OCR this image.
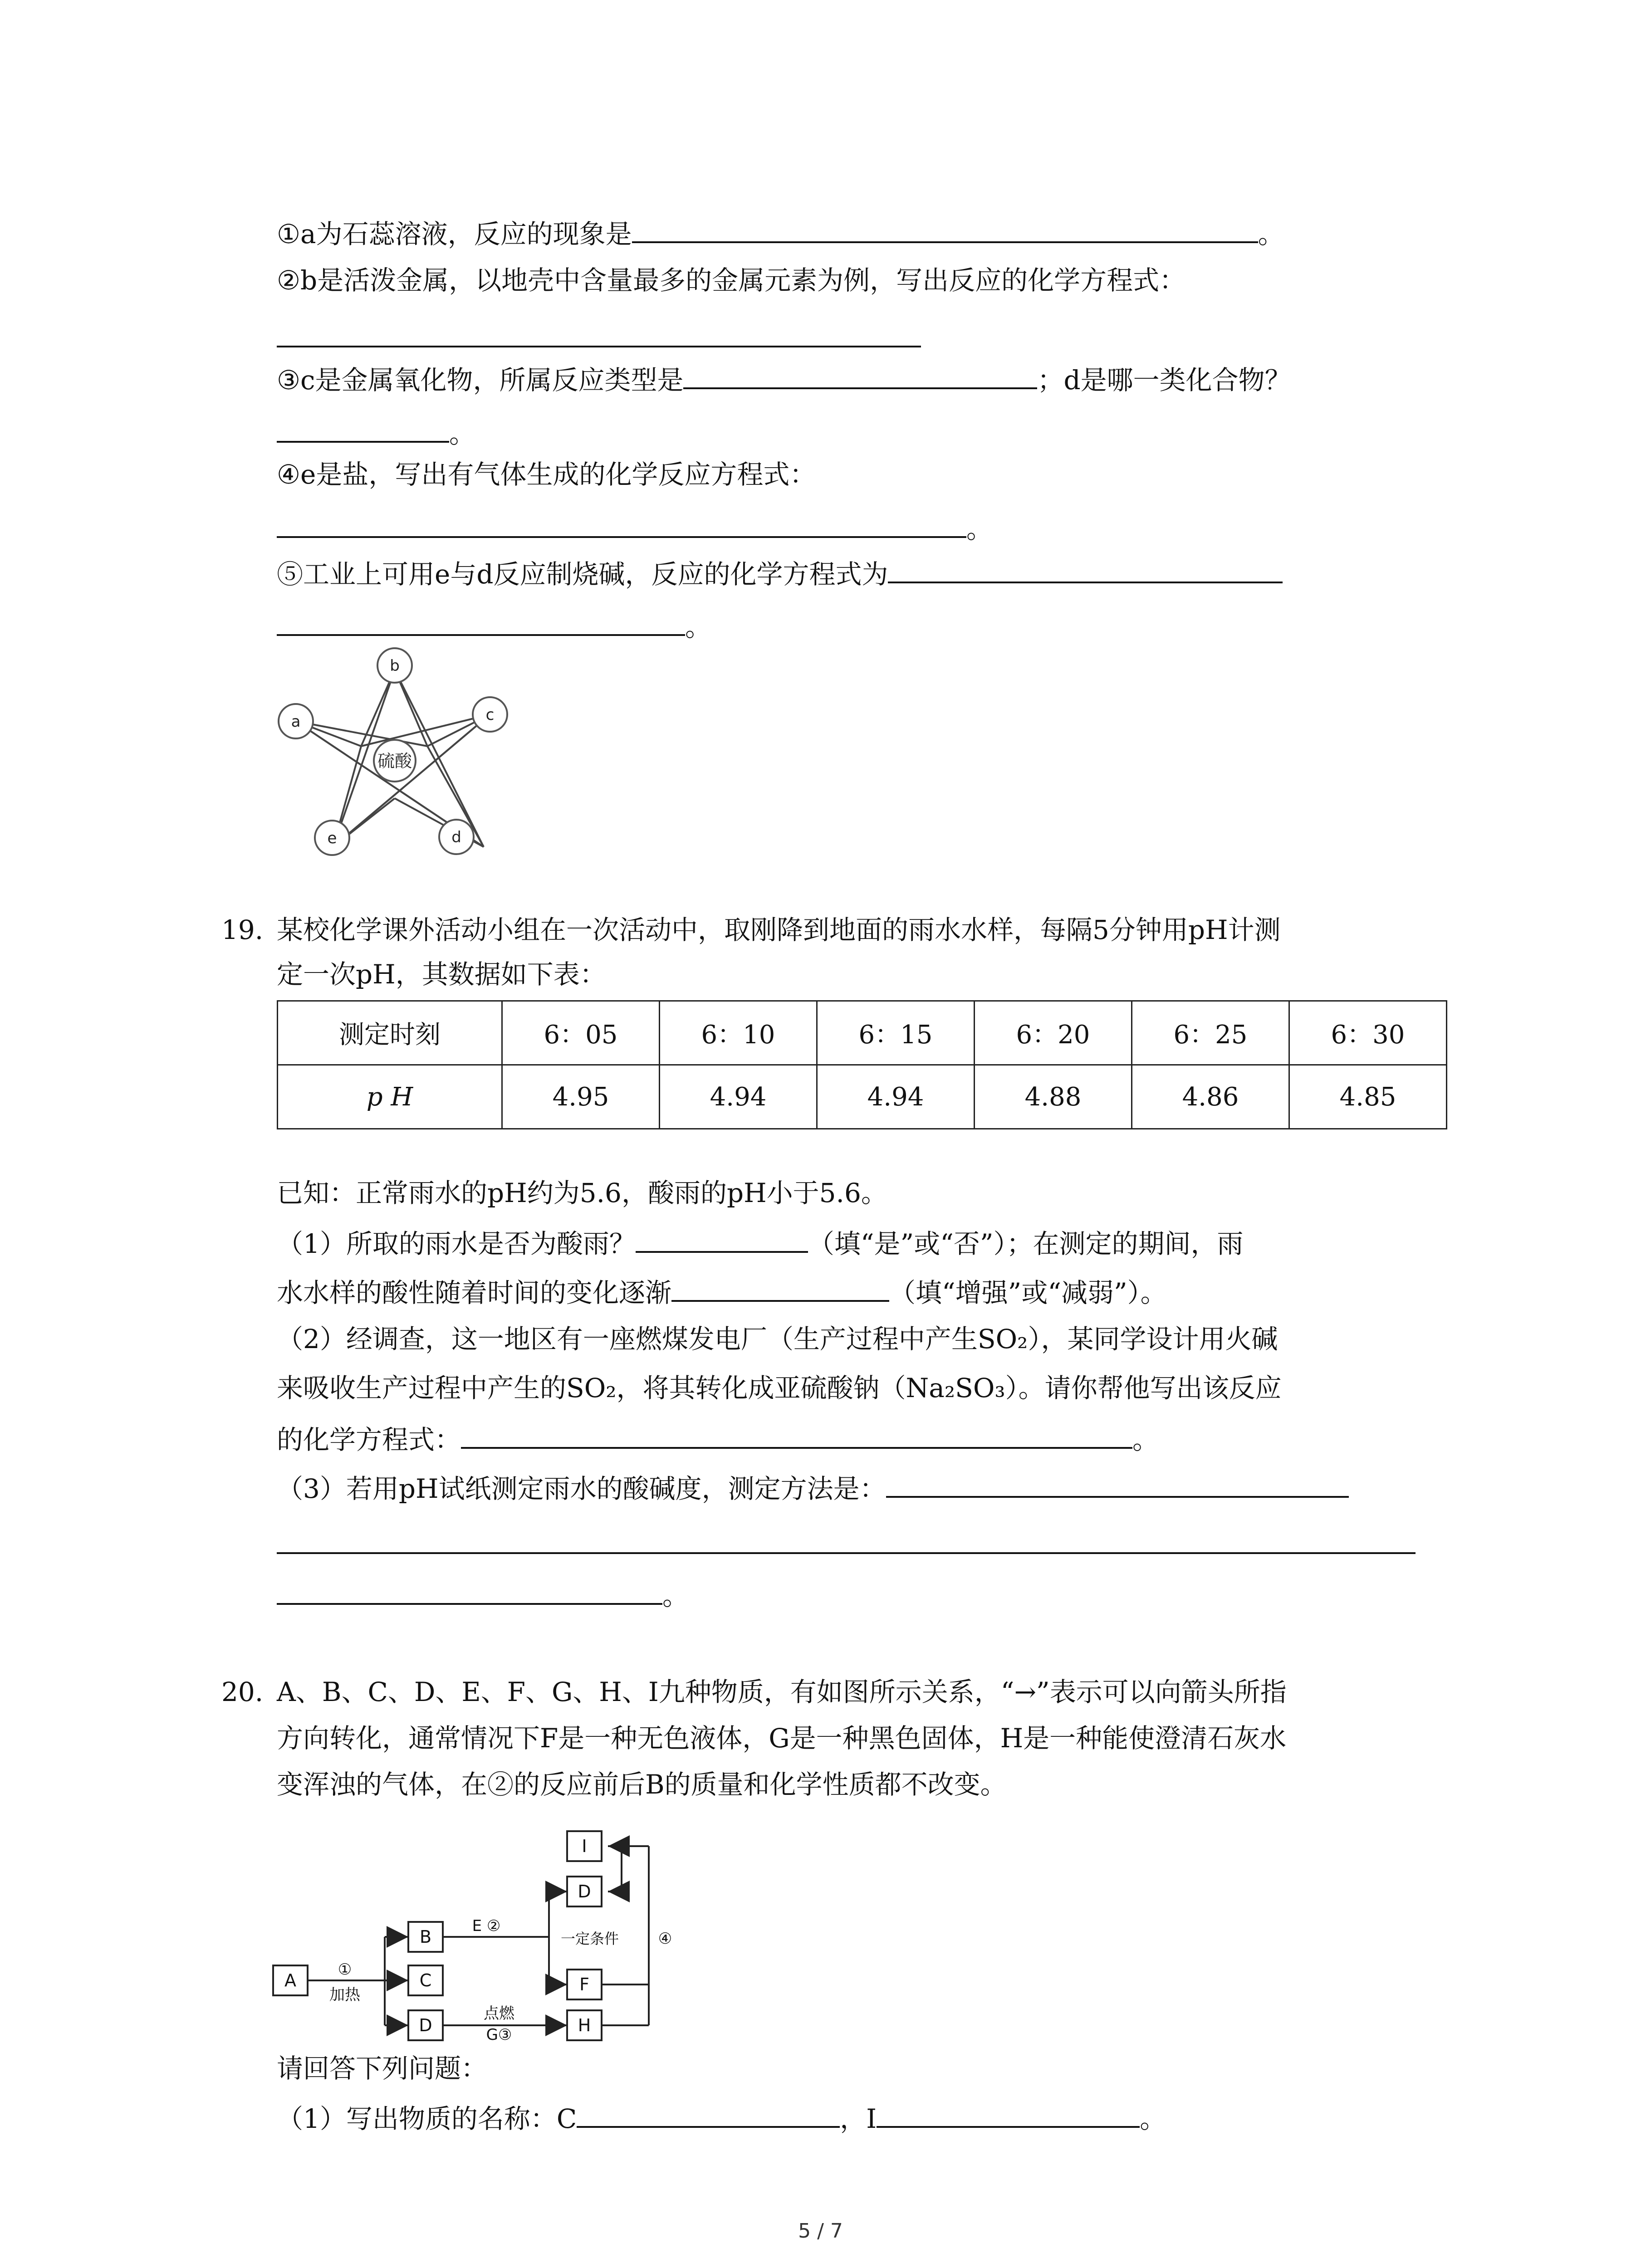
①a为石蕊溶液，反应的现象是	。
②b是活泼金属，以地壳中含量最多的金属元素为例，写出反应的化学方程式：
③c是金属氧化物，所属反应类型是	；d是哪一类化合物？
。
④e是盐，写出有气体生成的化学反应方程式：
。
⑤工业上可用e与d反应制烧碱，反应的化学方程式为
。
b
c
d
e
a
硫酸
19. 某校化学课外活动小组在一次活动中，取刚降到地面的雨水水样，每隔5分钟用pH计测
定一次pH，其数据如下表：
测定时刻	6：05	6：10	6：15	6：20	6：25	6：30
p H	4.95	4.94	4.94	4.88	4.86	4.85
已知：正常雨水的pH约为5.6，酸雨的pH小于5.6。
（1）所取的雨水是否为酸雨？	（填“是”或“否”）；在测定的期间，雨
水水样的酸性随着时间的变化逐渐	（填“增强”或“减弱”）。
（2）经调查，这一地区有一座燃煤发电厂（生产过程中产生SO₂），某同学设计用火碱
来吸收生产过程中产生的SO₂，将其转化成亚硫酸钠（Na₂SO₃）。请你帮他写出该反应
的化学方程式：	。
（3）若用pH试纸测定雨水的酸碱度，测定方法是：
。
20. A、B、C、D、E、F、G、H、I九种物质，有如图所示关系，“→”表示可以向箭头所指
方向转化，通常情况下F是一种无色液体，G是一种黑色固体，H是一种能使澄清石灰水
变浑浊的气体，在②的反应前后B的质量和化学性质都不改变。
I
D
B
F
A	C
D	H
①
加热
E ②
一定条件	④
点燃
G③
请回答下列问题：
（1）写出物质的名称：C	，I	。
5 / 7
